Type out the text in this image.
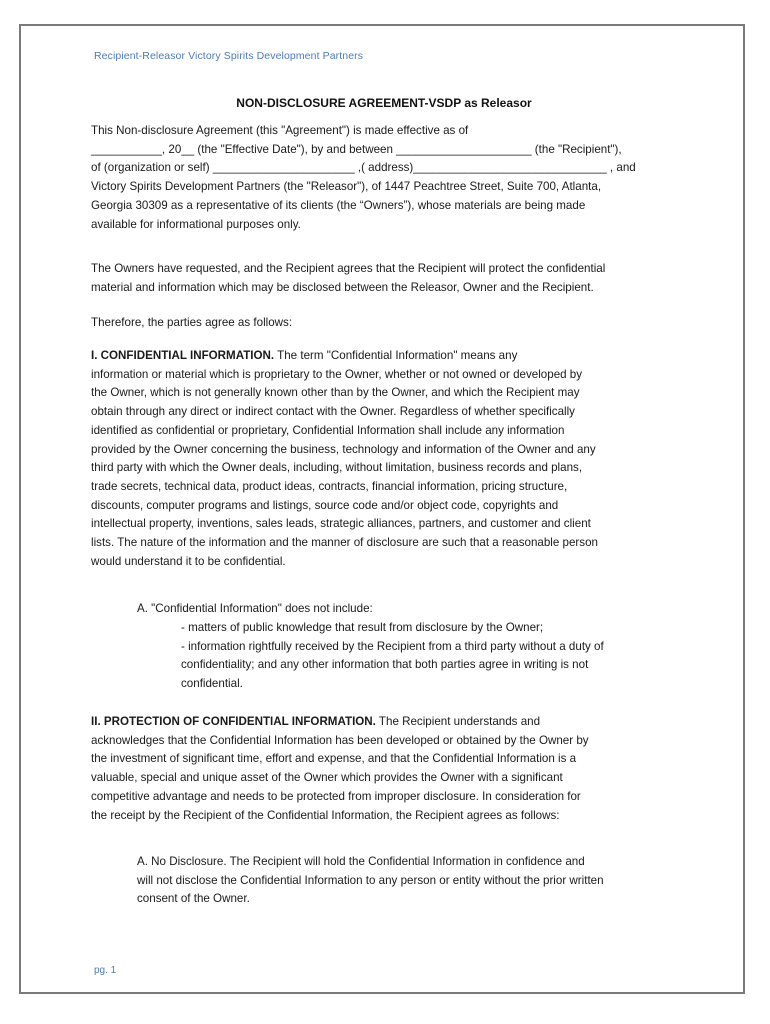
Recipient-Releasor Victory Spirits Development Partners
NON-DISCLOSURE AGREEMENT-VSDP as Releasor
This Non-disclosure Agreement (this "Agreement") is made effective as of
___________, 20__ (the "Effective Date"), by and between _____________________ (the "Recipient"),
of (organization or self) ______________________ ,( address)______________________________ , and
Victory Spirits Development Partners (the "Releasor"), of 1447 Peachtree Street, Suite 700, Atlanta,
Georgia 30309 as a representative of its clients (the “Owners”), whose materials are being made
available for informational purposes only.
The Owners have requested, and the Recipient agrees that the Recipient will protect the confidential
material and information which may be disclosed between the Releasor, Owner and the Recipient.
Therefore, the parties agree as follows:
I. CONFIDENTIAL INFORMATION. The term "Confidential Information" means any
information or material which is proprietary to the Owner, whether or not owned or developed by
the Owner, which is not generally known other than by the Owner, and which the Recipient may
obtain through any direct or indirect contact with the Owner. Regardless of whether specifically
identified as confidential or proprietary, Confidential Information shall include any information
provided by the Owner concerning the business, technology and information of the Owner and any
third party with which the Owner deals, including, without limitation, business records and plans,
trade secrets, technical data, product ideas, contracts, financial information, pricing structure,
discounts, computer programs and listings, source code and/or object code, copyrights and
intellectual property, inventions, sales leads, strategic alliances, partners, and customer and client
lists. The nature of the information and the manner of disclosure are such that a reasonable person
would understand it to be confidential.
A. "Confidential Information" does not include:
- matters of public knowledge that result from disclosure by the Owner;
- information rightfully received by the Recipient from a third party without a duty of
confidentiality; and any other information that both parties agree in writing is not
confidential.
II. PROTECTION OF CONFIDENTIAL INFORMATION. The Recipient understands and
acknowledges that the Confidential Information has been developed or obtained by the Owner by
the investment of significant time, effort and expense, and that the Confidential Information is a
valuable, special and unique asset of the Owner which provides the Owner with a significant
competitive advantage and needs to be protected from improper disclosure. In consideration for
the receipt by the Recipient of the Confidential Information, the Recipient agrees as follows:
A. No Disclosure. The Recipient will hold the Confidential Information in confidence and
will not disclose the Confidential Information to any person or entity without the prior written
consent of the Owner.
pg. 1
